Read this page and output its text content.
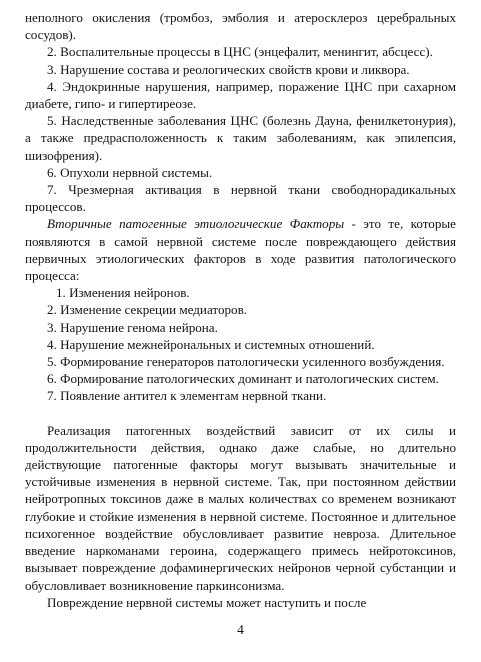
неполного окисления (тромбоз, эмболия и атеросклероз церебральных сосудов).

2. Воспалительные процессы в ЦНС (энцефалит, менингит, абсцесс).

3. Нарушение состава и реологических свойств крови и ликвора.

4. Эндокринные нарушения, например, поражение ЦНС при сахарном диабете, гипо- и гипертиреозе.

5. Наследственные заболевания ЦНС (болезнь Дауна, фенилкетонурия), а также предрасположенность к таким заболеваниям, как эпилепсия, шизофрения).

6. Опухоли нервной системы.

7. Чрезмерная активация в нервной ткани свободнорадикальных процессов.

Вторичные патогенные этиологические Факторы - это те, которые появляются в самой нервной системе после повреждающего действия первичных этиологических факторов в ходе развития патологического процесса:

1. Изменения нейронов.

2. Изменение секреции медиаторов.

3. Нарушение генома нейрона.

4. Нарушение межнейрональных и системных отношений.

5. Формирование генераторов патологически усиленного возбуждения.

6. Формирование патологических доминант и патологических систем.

7. Появление антител к элементам нервной ткани.

Реализация патогенных воздействий зависит от их силы и продолжительности действия, однако даже слабые, но длительно действующие патогенные факторы могут вызывать значительные и устойчивые изменения в нервной системе. Так, при постоянном действии нейротропных токсинов даже в малых количествах со временем возникают глубокие и стойкие изменения в нервной системе. Постоянное и длительное психогенное воздействие обусловливает развитие невроза. Длительное введение наркоманами героина, содержащего примесь нейротоксинов, вызывает повреждение дофаминергических нейронов черной субстанции и обусловливает возникновение паркинсонизма.

Повреждение нервной системы может наступить и после

4
